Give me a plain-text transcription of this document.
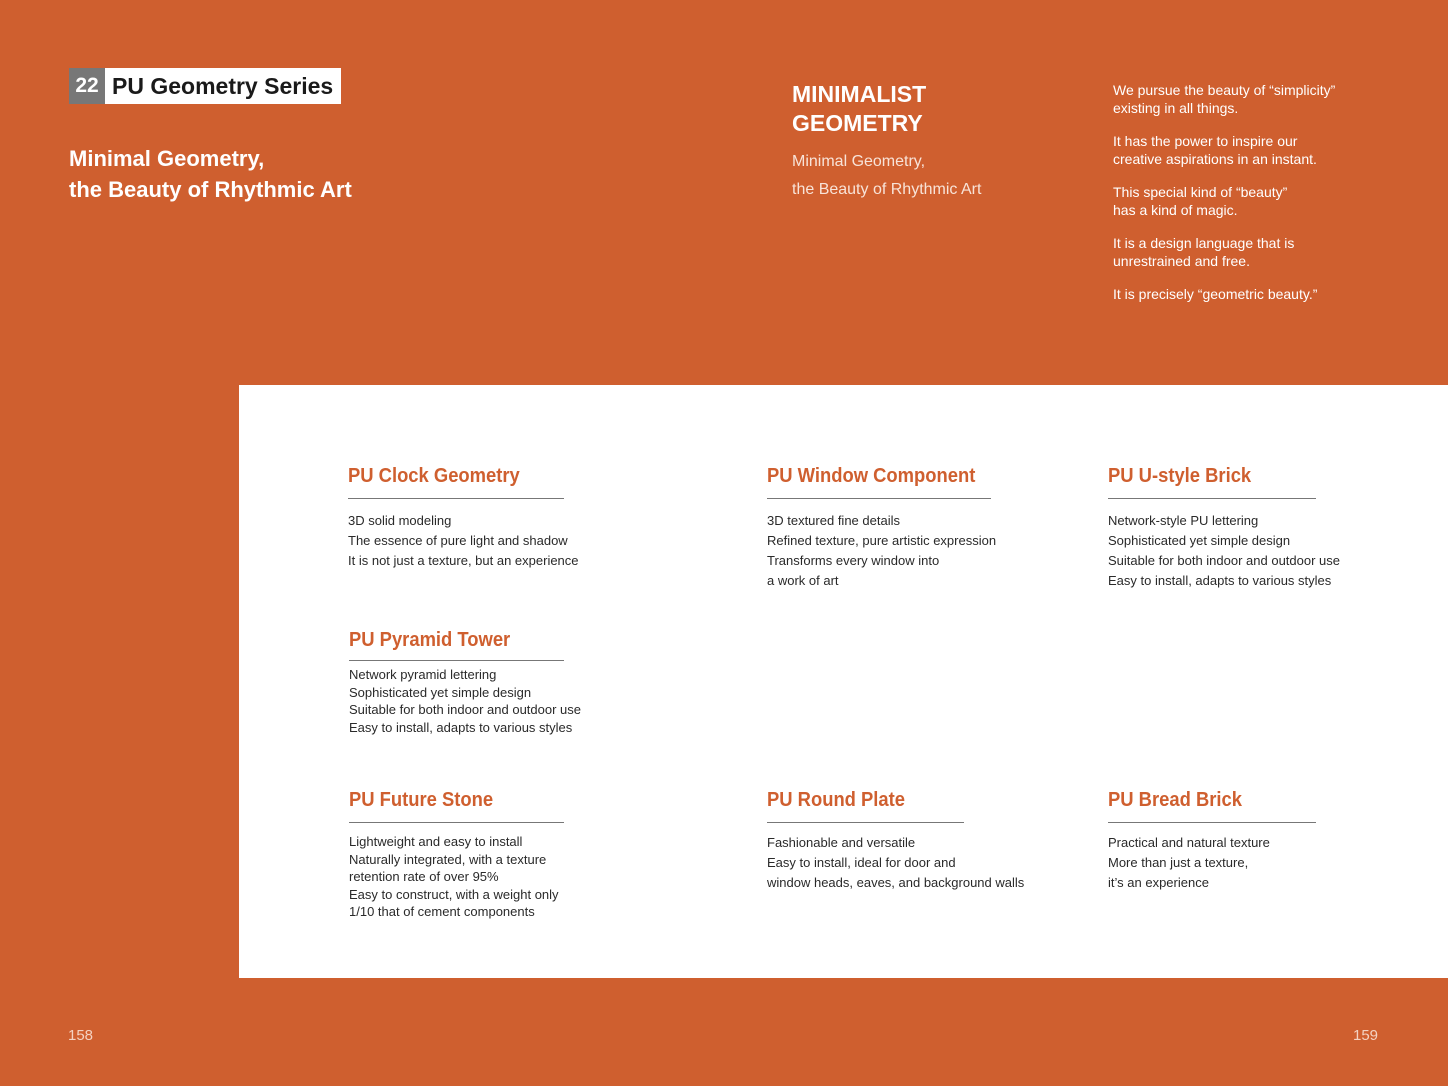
22 PU Geometry Series
Minimal Geometry,
the Beauty of Rhythmic Art
MINIMALIST
GEOMETRY
Minimal Geometry,
the Beauty of Rhythmic Art

We pursue the beauty of “simplicity”
existing in all things.

It has the power to inspire our
creative aspirations in an instant.

This special kind of “beauty”
has a kind of magic.

It is a design language that is
unrestrained and free.

It is precisely “geometric beauty.”

PU Clock Geometry
3D solid modeling
The essence of pure light and shadow
It is not just a texture, but an experience
PU Window Component
3D textured fine details
Refined texture, pure artistic expression
Transforms every window into
a work of art
PU U-style Brick
Network-style PU lettering
Sophisticated yet simple design
Suitable for both indoor and outdoor use
Easy to install, adapts to various styles
PU Pyramid Tower
Network pyramid lettering
Sophisticated yet simple design
Suitable for both indoor and outdoor use
Easy to install, adapts to various styles
PU Future Stone
Lightweight and easy to install
Naturally integrated, with a texture
retention rate of over 95%
Easy to construct, with a weight only
1/10 that of cement components
PU Round Plate
Fashionable and versatile
Easy to install, ideal for door and
window heads, eaves, and background walls
PU Bread Brick
Practical and natural texture
More than just a texture,
it’s an experience
158	159
